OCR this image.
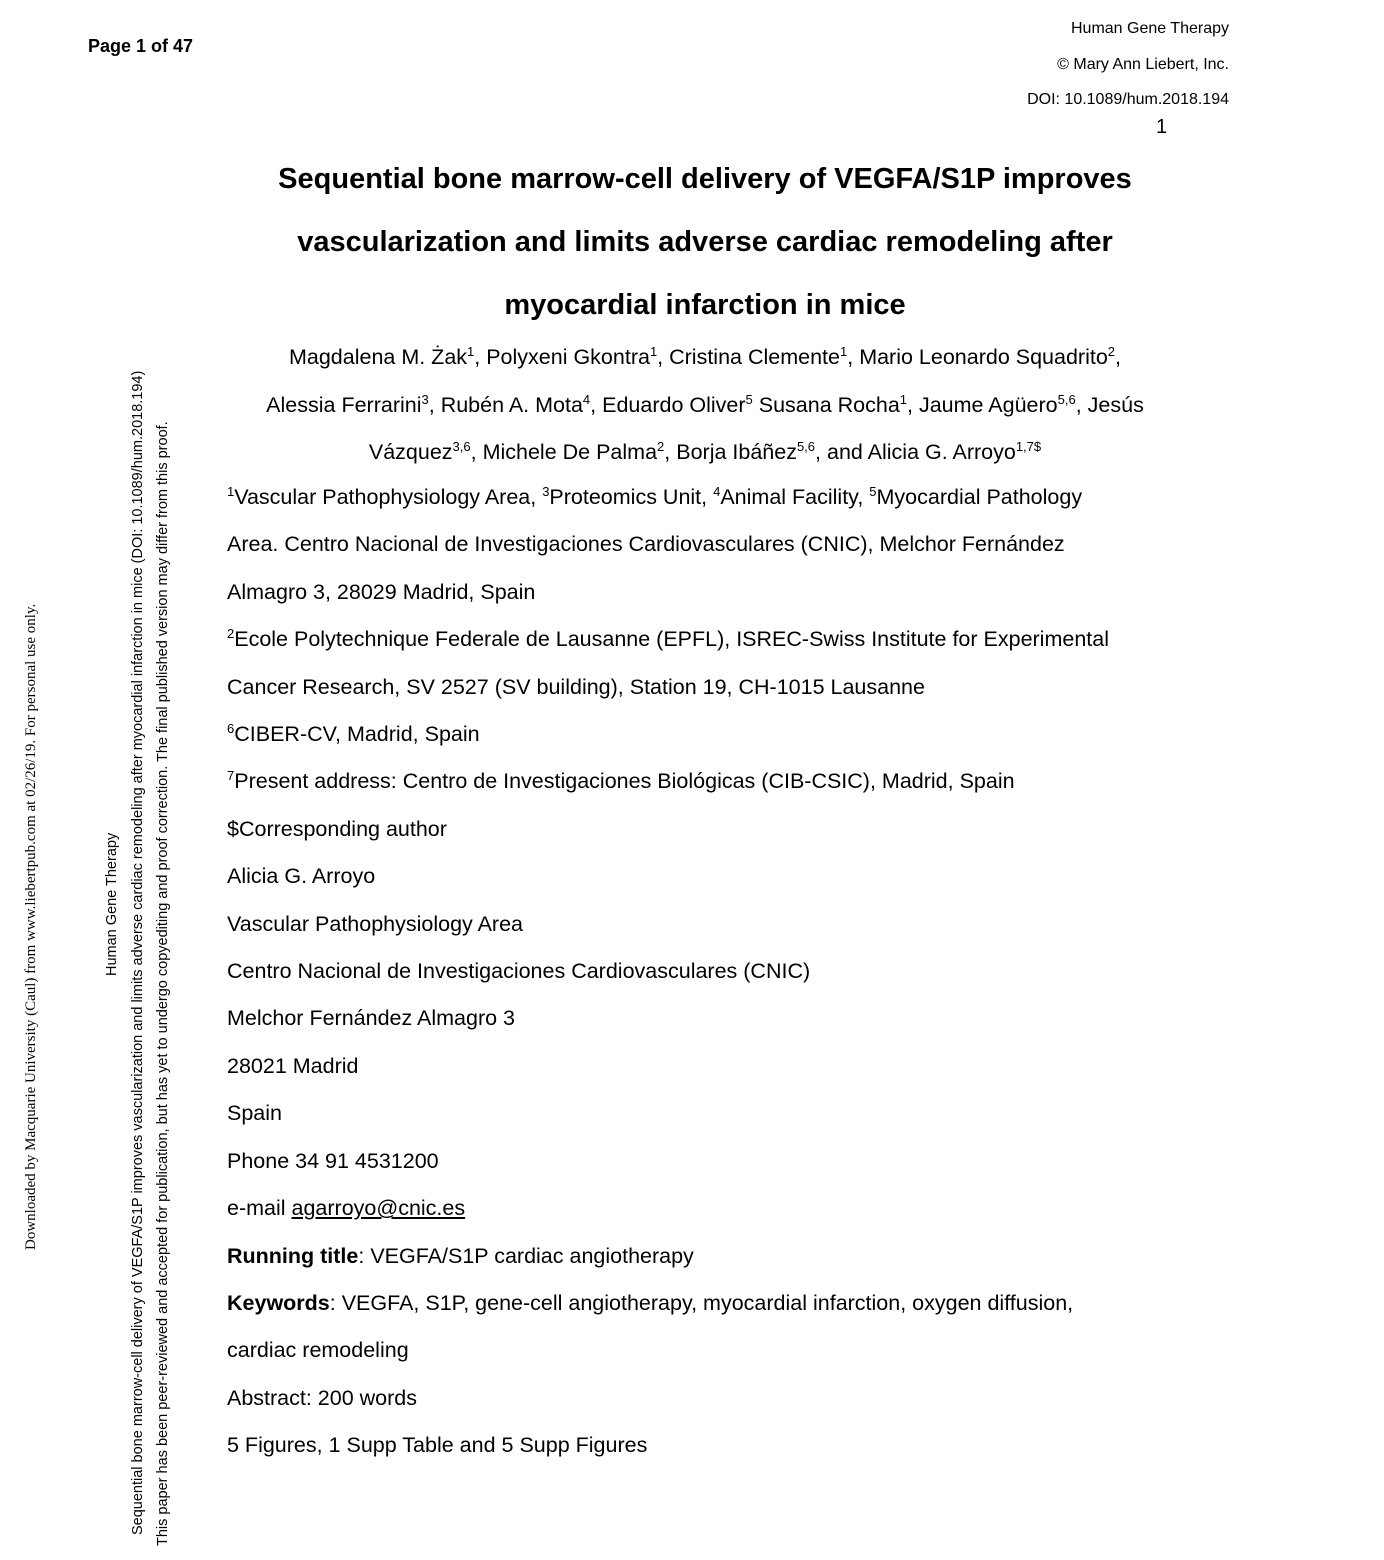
Page 1 of 47
Human Gene Therapy
© Mary Ann Liebert, Inc.
DOI: 10.1089/hum.2018.194
1
Downloaded by Macquarie University (Caul) from www.liebertpub.com at 02/26/19. For personal use only.	Human Gene Therapy Sequential bone marrow-cell delivery of VEGFA/S1P improves vascularization and limits adverse cardiac remodeling after myocardial infarction in mice (DOI: 10.1089/hum.2018.194) This paper has been peer-reviewed and accepted for publication, but has yet to undergo copyediting and proof correction. The final published version may differ from this proof.
Sequential bone marrow-cell delivery of VEGFA/S1P improves
vascularization and limits adverse cardiac remodeling after
myocardial infarction in mice
Magdalena M. Żak$^1$, Polyxeni Gkontra$^1$, Cristina Clemente$^1$, Mario Leonardo Squadrito$^2$,
Alessia Ferrarini$^3$, Rubén A. Mota$^4$, Eduardo Oliver$^5$ Susana Rocha$^1$, Jaume Agüero$^{5,6}$, Jesús
Vázquez$^{3,6}$, Michele De Palma$^2$, Borja Ibáñez$^{5,6}$, and Alicia G. Arroyo$^{1,7\$}$
$^1$Vascular Pathophysiology Area, $^3$Proteomics Unit, $^4$Animal Facility, $^5$Myocardial Pathology
Area. Centro Nacional de Investigaciones Cardiovasculares (CNIC), Melchor Fernández
Almagro 3, 28029 Madrid, Spain
$^2$Ecole Polytechnique Federale de Lausanne (EPFL), ISREC-Swiss Institute for Experimental
Cancer Research, SV 2527 (SV building), Station 19, CH-1015 Lausanne
$^6$CIBER-CV, Madrid, Spain
$^7$Present address: Centro de Investigaciones Biológicas (CIB-CSIC), Madrid, Spain
$Corresponding author
Alicia G. Arroyo
Vascular Pathophysiology Area
Centro Nacional de Investigaciones Cardiovasculares (CNIC)
Melchor Fernández Almagro 3
28021 Madrid
Spain
Phone 34 91 4531200
e-mail agarroyo@cnic.es
Running title: VEGFA/S1P cardiac angiotherapy
Keywords: VEGFA, S1P, gene-cell angiotherapy, myocardial infarction, oxygen diffusion,
cardiac remodeling
Abstract: 200 words
5 Figures, 1 Supp Table and 5 Supp Figures
